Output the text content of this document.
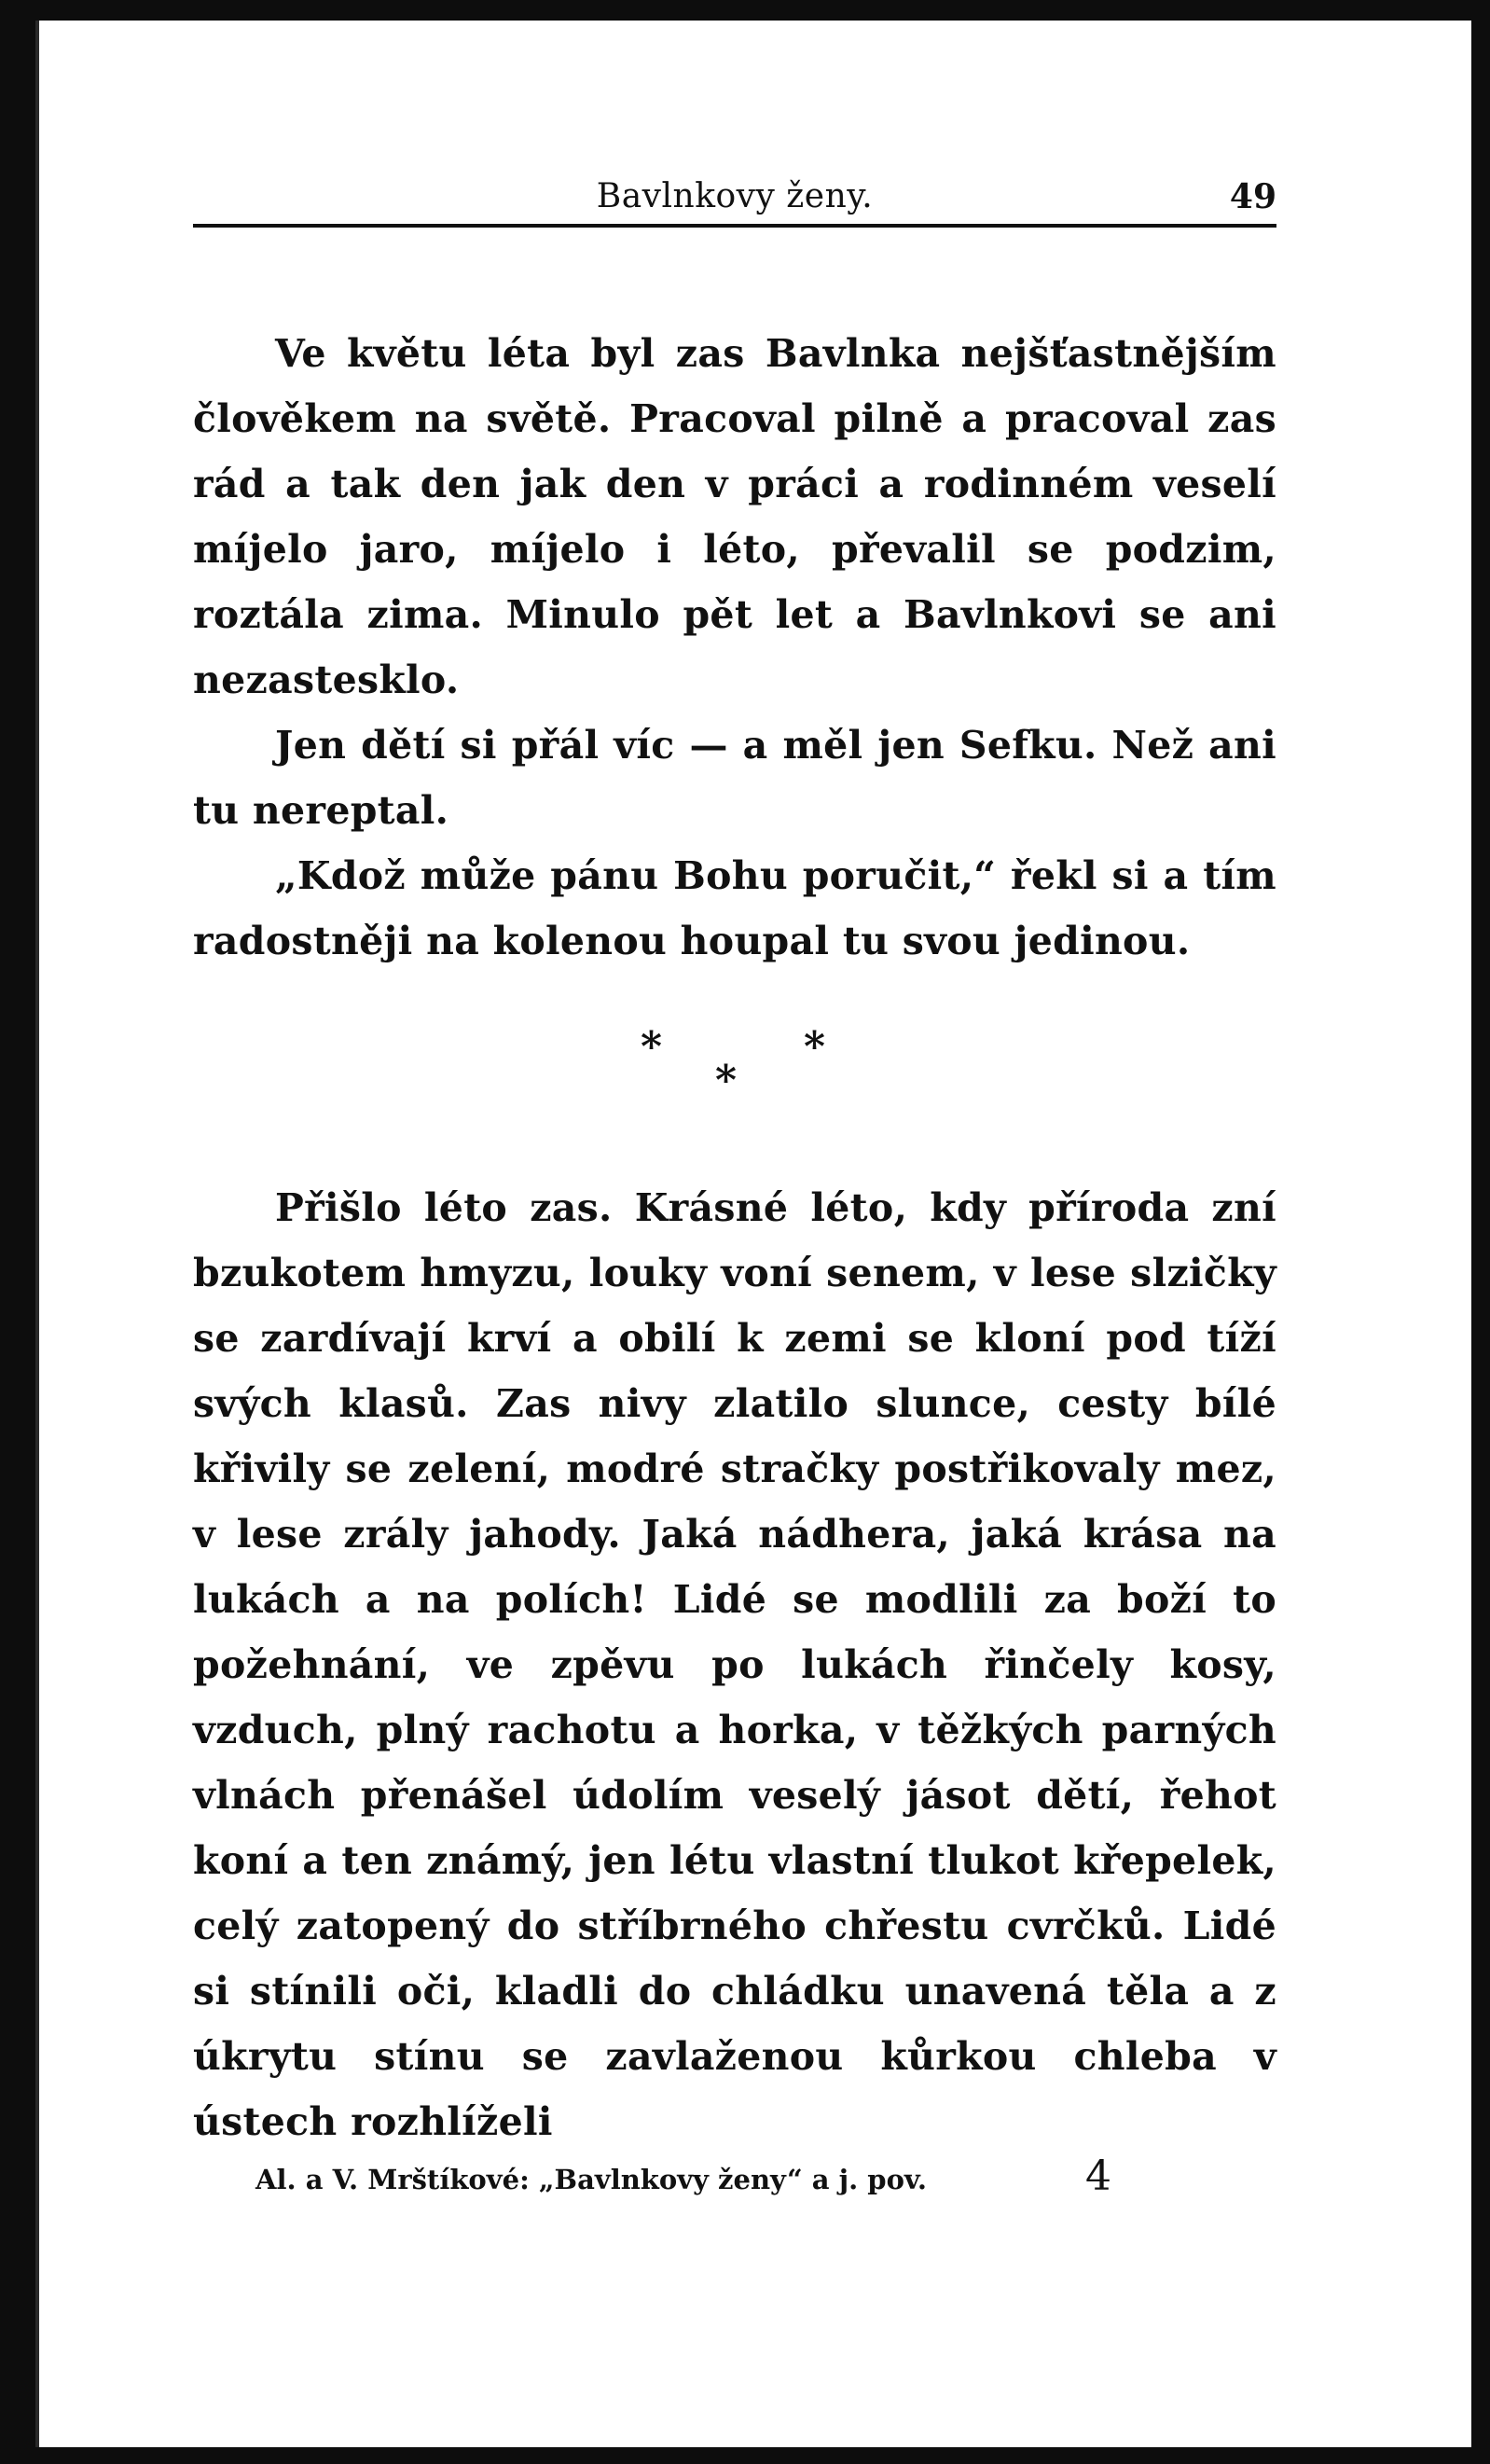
Bavlnkovy ženy.	49

Ve květu léta byl zas Bavlnka nejšťastnějším člověkem na světě. Pracoval pilně a pracoval zas rád a tak den jak den v práci a rodinném veselí míjelo jaro, míjelo i léto, převalil se podzim, roztála zima. Minulo pět let a Bavlnkovi se ani nezastesklo.

Jen dětí si přál víc — a měl jen Sefku. Než ani tu nereptal.

„Kdož může pánu Bohu poručit,“ řekl si a tím radostněji na kolenou houpal tu svou jedinou.

*
*
*

Přišlo léto zas. Krásné léto, kdy příroda zní bzukotem hmyzu, louky voní senem, v lese slzičky se zardívají krví a obilí k zemi se kloní pod tíží svých klasů. Zas nivy zlatilo slunce, cesty bílé křivily se zelení, modré stračky postřikovaly mez, v lese zrály jahody. Jaká nádhera, jaká krása na lukách a na polích! Lidé se modlili za boží to požehnání, ve zpěvu po lukách řinčely kosy, vzduch, plný rachotu a horka, v těžkých parných vlnách přenášel údolím veselý jásot dětí, řehot koní a ten známý, jen létu vlastní tlukot křepelek, celý zatopený do stříbrného chřestu cvrčků. Lidé si stínili oči, kladli do chládku unavená těla a z úkrytu stínu se zavlaženou kůrkou chleba v ústech rozhlíželi

Al. a V. Mrštíkové: „Bavlnkovy ženy“ a j. pov.	4
